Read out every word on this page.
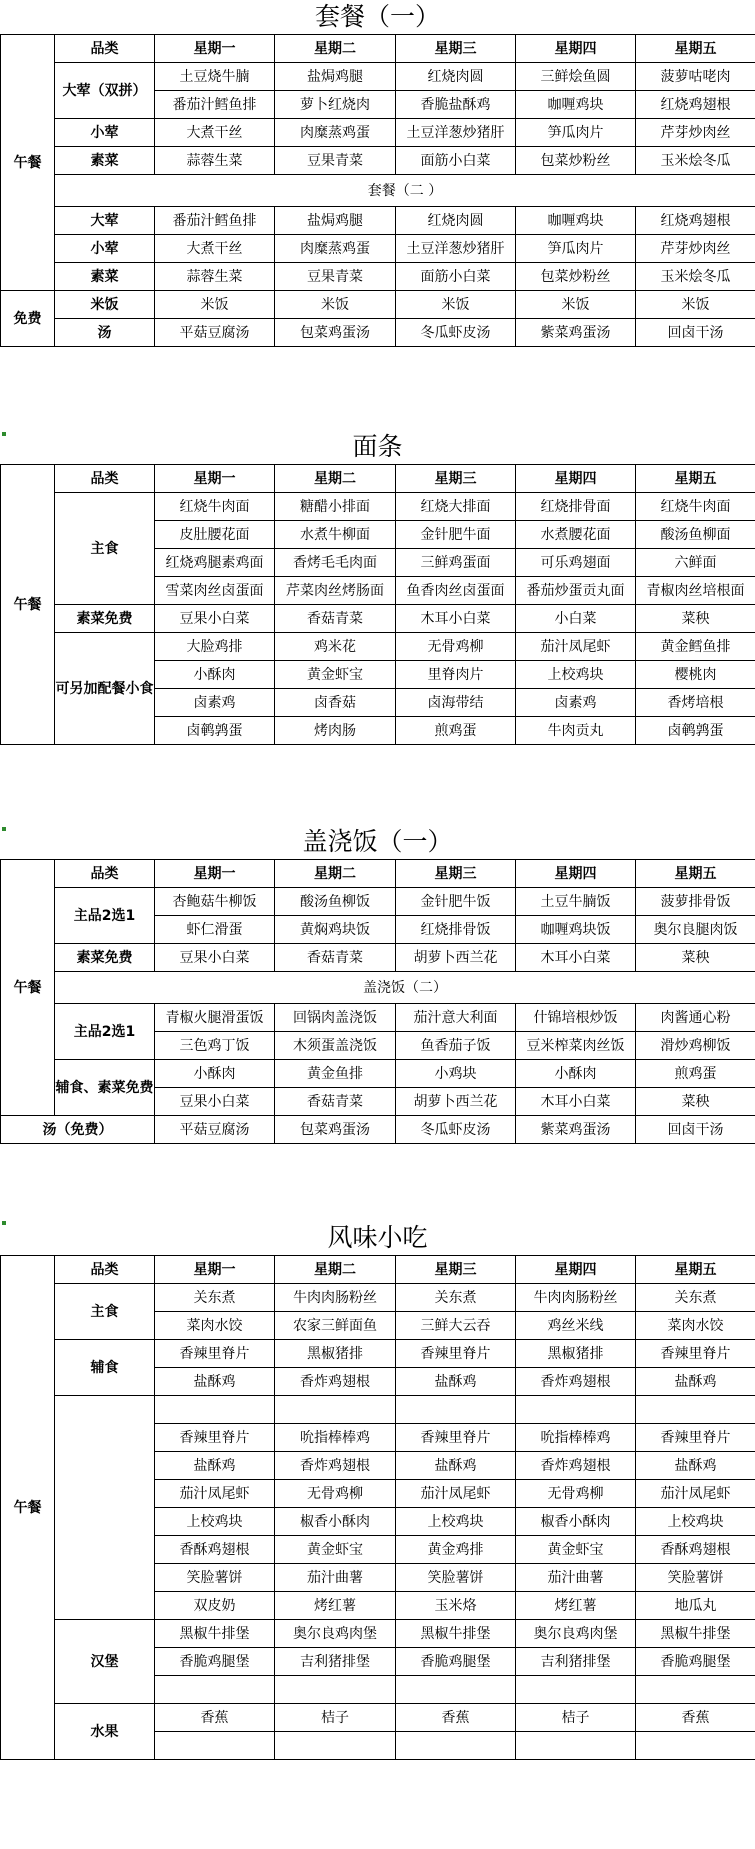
套餐（一）
午餐	品类	星期一	星期二	星期三	星期四	星期五
	大荤（双拼）	土豆烧牛腩	盐焗鸡腿	红烧肉圆	三鲜烩鱼圆	菠萝咕咾肉
		番茄汁鳕鱼排	萝卜红烧肉	香脆盐酥鸡	咖喱鸡块	红烧鸡翅根
	小荤	大煮干丝	肉糜蒸鸡蛋	土豆洋葱炒猪肝	笋瓜肉片	芹芽炒肉丝
	素菜	蒜蓉生菜	豆果青菜	面筋小白菜	包菜炒粉丝	玉米烩冬瓜
	套餐（二 ）					
	大荤	番茄汁鳕鱼排	盐焗鸡腿	红烧肉圆	咖喱鸡块	红烧鸡翅根
	小荤	大煮干丝	肉糜蒸鸡蛋	土豆洋葱炒猪肝	笋瓜肉片	芹芽炒肉丝
	素菜	蒜蓉生菜	豆果青菜	面筋小白菜	包菜炒粉丝	玉米烩冬瓜
免费	米饭	米饭	米饭	米饭	米饭	米饭
	汤	平菇豆腐汤	包菜鸡蛋汤	冬瓜虾皮汤	紫菜鸡蛋汤	回卤干汤
面条
午餐	品类	星期一	星期二	星期三	星期四	星期五
	主食	红烧牛肉面	糖醋小排面	红烧大排面	红烧排骨面	红烧牛肉面
		皮肚腰花面	水煮牛柳面	金针肥牛面	水煮腰花面	酸汤鱼柳面
		红烧鸡腿素鸡面	香烤毛毛肉面	三鲜鸡蛋面	可乐鸡翅面	六鲜面
		雪菜肉丝卤蛋面	芹菜肉丝烤肠面	鱼香肉丝卤蛋面	番茄炒蛋贡丸面	青椒肉丝培根面
	素菜免费	豆果小白菜	香菇青菜	木耳小白菜	小白菜	菜秧
	可另加配餐小食	大脸鸡排	鸡米花	无骨鸡柳	茄汁凤尾虾	黄金鳕鱼排
		小酥肉	黄金虾宝	里脊肉片	上校鸡块	樱桃肉
		卤素鸡	卤香菇	卤海带结	卤素鸡	香烤培根
		卤鹌鹑蛋	烤肉肠	煎鸡蛋	牛肉贡丸	卤鹌鹑蛋
盖浇饭（一）
午餐	品类	星期一	星期二	星期三	星期四	星期五
	主品2选1	杏鲍菇牛柳饭	酸汤鱼柳饭	金针肥牛饭	土豆牛腩饭	菠萝排骨饭
		虾仁滑蛋	黄焖鸡块饭	红烧排骨饭	咖喱鸡块饭	奥尔良腿肉饭
	素菜免费	豆果小白菜	香菇青菜	胡萝卜西兰花	木耳小白菜	菜秧
	盖浇饭（二）					
	主品2选1	青椒火腿滑蛋饭	回锅肉盖浇饭	茄汁意大利面	什锦培根炒饭	肉酱通心粉
		三色鸡丁饭	木须蛋盖浇饭	鱼香茄子饭	豆米榨菜肉丝饭	滑炒鸡柳饭
	辅食、素菜免费	小酥肉	黄金鱼排	小鸡块	小酥肉	煎鸡蛋
		豆果小白菜	香菇青菜	胡萝卜西兰花	木耳小白菜	菜秧
汤（免费）		平菇豆腐汤	包菜鸡蛋汤	冬瓜虾皮汤	紫菜鸡蛋汤	回卤干汤
风味小吃
午餐	品类	星期一	星期二	星期三	星期四	星期五
	主食	关东煮	牛肉肉肠粉丝	关东煮	牛肉肉肠粉丝	关东煮
		菜肉水饺	农家三鲜面鱼	三鲜大云吞	鸡丝米线	菜肉水饺
	辅食	香辣里脊片	黑椒猪排	香辣里脊片	黑椒猪排	香辣里脊片
		盐酥鸡	香炸鸡翅根	盐酥鸡	香炸鸡翅根	盐酥鸡

		香辣里脊片	吮指棒棒鸡	香辣里脊片	吮指棒棒鸡	香辣里脊片
		盐酥鸡	香炸鸡翅根	盐酥鸡	香炸鸡翅根	盐酥鸡
		茄汁凤尾虾	无骨鸡柳	茄汁凤尾虾	无骨鸡柳	茄汁凤尾虾
		上校鸡块	椒香小酥肉	上校鸡块	椒香小酥肉	上校鸡块
		香酥鸡翅根	黄金虾宝	黄金鸡排	黄金虾宝	香酥鸡翅根
		笑脸薯饼	茄汁曲薯	笑脸薯饼	茄汁曲薯	笑脸薯饼
		双皮奶	烤红薯	玉米烙	烤红薯	地瓜丸
	汉堡	黑椒牛排堡	奥尔良鸡肉堡	黑椒牛排堡	奥尔良鸡肉堡	黑椒牛排堡
		香脆鸡腿堡	吉利猪排堡	香脆鸡腿堡	吉利猪排堡	香脆鸡腿堡

	水果	香蕉	桔子	香蕉	桔子	香蕉
